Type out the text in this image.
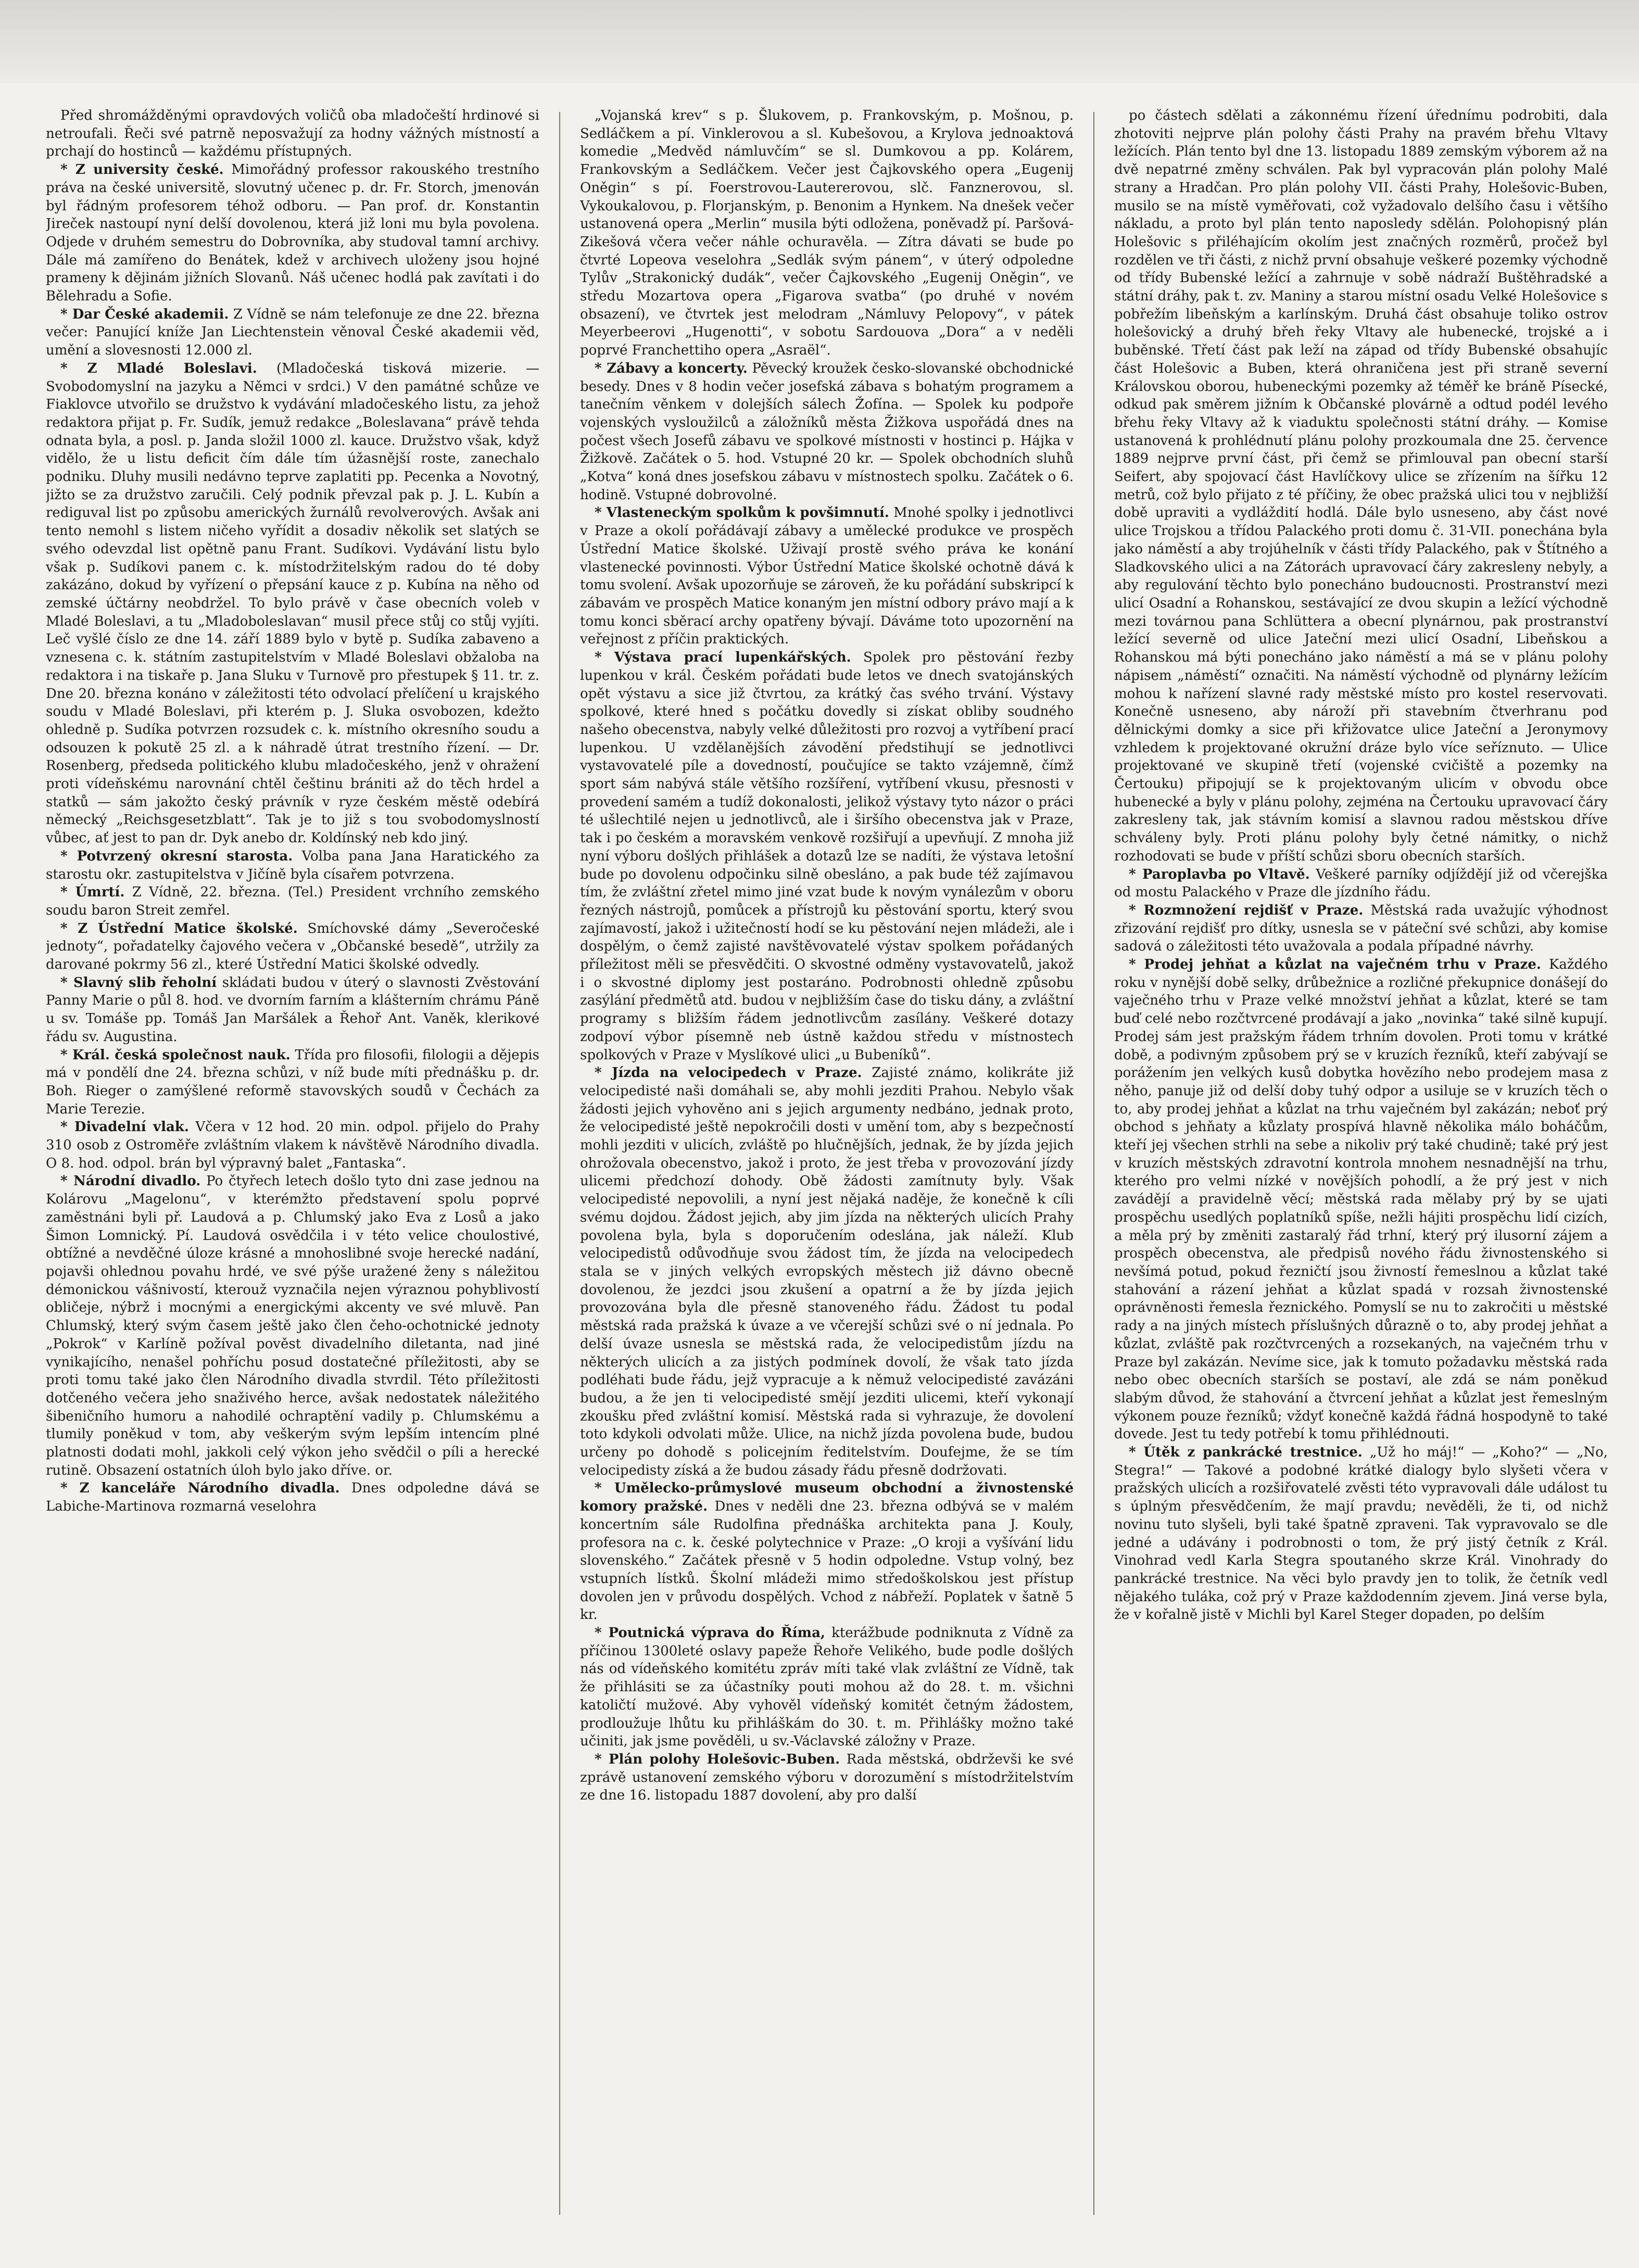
Před shromážděnými opravdových voličů oba mladočeští hrdinové si netroufali. Řeči své patrně neposvažují za hodny vážných místností a prchají do hostinců — každému přístupných.

* Z university české. Mimořádný professor rakouského trestního práva na české universitě, slovutný učenec p. dr. Fr. Storch, jmenován byl řádným profesorem téhož odboru. — Pan prof. dr. Konstantin Jireček nastoupí nyní delší dovolenou, která již loni mu byla povolena. Odjede v druhém semestru do Dobrovníka, aby studoval tamní archivy. Dále má zamířeno do Benátek, kdež v archivech uloženy jsou hojné prameny k dějinám jižních Slovanů. Náš učenec hodlá pak zavítati i do Bělehradu a Sofie.

* Dar České akademii. Z Vídně se nám telefonuje ze dne 22. března večer: Panující kníže Jan Liechtenstein věnoval České akademii věd, umění a slovesnosti 12.000 zl.

* Z Mladé Boleslavi. (Mladočeská tisková mizerie. — Svobodomyslní na jazyku a Němci v srdci.) V den památné schůze ve Fiaklovce utvořilo se družstvo k vydávání mladočeského listu, za jehož redaktora přijat p. Fr. Sudík, jemuž redakce „Boleslavana“ právě tehda odnata byla, a posl. p. Janda složil 1000 zl. kauce. Družstvo však, když vidělo, že u listu deficit čím dále tím úžasnější roste, zanechalo podniku. Dluhy musili nedávno teprve zaplatiti pp. Pecenka a Novotný, jižto se za družstvo zaručili. Celý podnik převzal pak p. J. L. Kubín a rediguval list po způsobu amerických žurnálů revolverových. Avšak ani tento nemohl s listem ničeho vyřídit a dosadiv několik set slatých se svého odevzdal list opětně panu Frant. Sudíkovi. Vydávání listu bylo však p. Sudíkovi panem c. k. místodržitelským radou do té doby zakázáno, dokud by vyřízení o přepsání kauce z p. Kubína na něho od zemské účtárny neobdržel. To bylo právě v čase obecních voleb v Mladé Boleslavi, a tu „Mladoboleslavan“ musil přece stůj co stůj vyjíti. Leč vyšlé číslo ze dne 14. září 1889 bylo v bytě p. Sudíka zabaveno a vznesena c. k. státním zastupitelstvím v Mladé Boleslavi obžaloba na redaktora i na tiskaře p. Jana Sluku v Turnově pro přestupek § 11. tr. z. Dne 20. března konáno v záležitosti této odvolací přelíčení u krajského soudu v Mladé Boleslavi, při kterém p. J. Sluka osvobozen, kdežto ohledně p. Sudíka potvrzen rozsudek c. k. místního okresního soudu a odsouzen k pokutě 25 zl. a k náhradě útrat trestního řízení. — Dr. Rosenberg, předseda politického klubu mladočeského, jenž v ohražení proti vídeňskému narovnání chtěl češtinu brániti až do těch hrdel a statků — sám jakožto český právník v ryze českém městě odebírá německý „Reichsgesetzblatt“. Tak je to již s tou svobodomyslností vůbec, ať jest to pan dr. Dyk anebo dr. Koldínský neb kdo jiný.

* Potvrzený okresní starosta. Volba pana Jana Haratického za starostu okr. zastupitelstva v Jičíně byla císařem potvrzena.

* Úmrtí. Z Vídně, 22. března. (Tel.) President vrchního zemského soudu baron Streit zemřel.

* Z Ústřední Matice školské. Smíchovské dámy „Severočeské jednoty“, pořadatelky čajového večera v „Občanské besedě“, utržily za darované pokrmy 56 zl., které Ústřední Matici školské odvedly.

* Slavný slib řeholní skládati budou v úterý o slavnosti Zvěstování Panny Marie o půl 8. hod. ve dvorním farním a klášterním chrámu Páně u sv. Tomáše pp. Tomáš Jan Maršálek a Řehoř Ant. Vaněk, klerikové řádu sv. Augustina.

* Král. česká společnost nauk. Třída pro filosofii, filologii a dějepis má v pondělí dne 24. března schůzi, v níž bude míti přednášku p. dr. Boh. Rieger o zamýšlené reformě stavovských soudů v Čechách za Marie Terezie.

* Divadelní vlak. Včera v 12 hod. 20 min. odpol. přijelo do Prahy 310 osob z Ostroměře zvláštním vlakem k návštěvě Národního divadla. O 8. hod. odpol. brán byl výpravný balet „Fantaska“.

* Národní divadlo. Po čtyřech letech došlo tyto dni zase jednou na Kolárovu „Magelonu“, v kterémžto představení spolu poprvé zaměstnáni byli př. Laudová a p. Chlumský jako Eva z Losů a jako Šimon Lomnický. Pí. Laudová osvědčila i v této velice choulostivé, obtížné a nevděčné úloze krásné a mnohoslibné svoje herecké nadání, pojavši ohlednou povahu hrdé, ve své pýše uražené ženy s náležitou démonickou vášnivostí, kterouž vyznačila nejen výraznou pohyblivostí obličeje, nýbrž i mocnými a energickými akcenty ve své mluvě. Pan Chlumský, který svým časem ještě jako člen čeho-ochotnické jednoty „Pokrok“ v Karlíně požíval pověst divadelního diletanta, nad jiné vynikajícího, nenašel pohříchu posud dostatečné příležitosti, aby se proti tomu také jako člen Národního divadla stvrdil. Této příležitosti dotčeného večera jeho snaživého herce, avšak nedostatek náležitého šibeničního humoru a nahodilé ochraptění vadily p. Chlumskému a tlumily poněkud v tom, aby veškerým svým lepším intencím plné platnosti dodati mohl, jakkoli celý výkon jeho svědčil o píli a herecké rutině. Obsazení ostatních úloh bylo jako dříve. or.

* Z kanceláře Národního divadla. Dnes odpoledne dává se Labiche-Martinova rozmarná veselohra

„Vojanská krev“ s p. Šlukovem, p. Frankovským, p. Mošnou, p. Sedláčkem a pí. Vinklerovou a sl. Kubešovou, a Krylova jednoaktová komedie „Medvěd námluvčím“ se sl. Dumkovou a pp. Kolárem, Frankovským a Sedláčkem. Večer jest Čajkovského opera „Eugenij Oněgin“ s pí. Foerstrovou-Lautererovou, slč. Fanznerovou, sl. Vykoukalovou, p. Florjanským, p. Benonim a Hynkem. Na dnešek večer ustanovená opera „Merlin“ musila býti odložena, poněvadž pí. Paršová-Zikešová včera večer náhle ochuravěla. — Zítra dávati se bude po čtvrté Lopeova veselohra „Sedlák svým pánem“, v úterý odpoledne Tylův „Strakonický dudák“, večer Čajkovského „Eugenij Oněgin“, ve středu Mozartova opera „Figarova svatba“ (po druhé v novém obsazení), ve čtvrtek jest melodram „Námluvy Pelopovy“, v pátek Meyerbeerovi „Hugenotti“, v sobotu Sardouova „Dora“ a v neděli poprvé Franchettiho opera „Asraël“.

* Zábavy a koncerty. Pěvecký kroužek česko-slovanské obchodnické besedy. Dnes v 8 hodin večer josefská zábava s bohatým programem a tanečním věnkem v dolejších sálech Žofína. — Spolek ku podpoře vojenských vysloužilců a záložníků města Žižkova uspořádá dnes na počest všech Josefů zábavu ve spolkové místnosti v hostinci p. Hájka v Žižkově. Začátek o 5. hod. Vstupné 20 kr. — Spolek obchodních sluhů „Kotva“ koná dnes josefskou zábavu v místnostech spolku. Začátek o 6. hodině. Vstupné dobrovolné.

* Vlasteneckým spolkům k povšimnutí. Mnohé spolky i jednotlivci v Praze a okolí pořádávají zábavy a umělecké produkce ve prospěch Ústřední Matice školské. Uživají prostě svého práva ke konání vlastenecké povinnosti. Výbor Ústřední Matice školské ochotně dává k tomu svolení. Avšak upozorňuje se zároveň, že ku pořádání subskripcí k zábavám ve prospěch Matice konaným jen místní odbory právo mají a k tomu konci sběrací archy opatřeny bývají. Dáváme toto upozornění na veřejnost z příčin praktických.

* Výstava prací lupenkářských. Spolek pro pěstování řezby lupenkou v král. Českém pořádati bude letos ve dnech svatojánských opět výstavu a sice již čtvrtou, za krátký čas svého trvání. Výstavy spolkové, které hned s počátku dovedly si získat obliby soudného našeho obecenstva, nabyly velké důležitosti pro rozvoj a vytříbení prací lupenkou. U vzdělanějších závodění předstihují se jednotlivci vystavovatelé píle a dovedností, poučujíce se takto vzájemně, čímž sport sám nabývá stále většího rozšíření, vytříbení vkusu, přesnosti v provedení samém a tudíž dokonalosti, jelikož výstavy tyto názor o práci té ušlechtilé nejen u jednotlivců, ale i širšího obecenstva jak v Praze, tak i po českém a moravském venkově rozšiřují a upevňují. Z mnoha již nyní výboru došlých přihlášek a dotazů lze se nadíti, že výstava letošní bude po dovolenu odpočinku silně obesláno, a pak bude též zajímavou tím, že zvláštní zřetel mimo jiné vzat bude k novým vynálezům v oboru řezných nástrojů, pomůcek a přístrojů ku pěstování sportu, který svou zajímavostí, jakož i užitečností hodí se ku pěstování nejen mládeži, ale i dospělým, o čemž zajisté navštěvovatelé výstav spolkem pořádaných příležitost měli se přesvědčiti. O skvostné odměny vystavovatelů, jakož i o skvostné diplomy jest postaráno. Podrobnosti ohledně způsobu zasýlání předmětů atd. budou v nejbližším čase do tisku dány, a zvláštní programy s bližším řádem jednotlivcům zasílány. Veškeré dotazy zodpoví výbor písemně neb ústně každou středu v místnostech spolkových v Praze v Myslíkové ulici „u Bubeníků“.

* Jízda na velocipedech v Praze. Zajisté známo, kolikráte již velocipedisté naši domáhali se, aby mohli jezditi Prahou. Nebylo však žádosti jejich vyhověno ani s jejich argumenty nedbáno, jednak proto, že velocipedisté ještě nepokročili dosti v umění tom, aby s bezpečností mohli jezditi v ulicích, zvláště po hlučnějších, jednak, že by jízda jejich ohrožovala obecenstvo, jakož i proto, že jest třeba v provozování jízdy ulicemi předchozí dohody. Obě žádosti zamítnuty byly. Však velocipedisté nepovolili, a nyní jest nějaká naděje, že konečně k cíli svému dojdou. Žádost jejich, aby jim jízda na některých ulicích Prahy povolena byla, byla s doporučením odeslána, jak náleží. Klub velocipedistů odůvodňuje svou žádost tím, že jízda na velocipedech stala se v jiných velkých evropských městech již dávno obecně dovolenou, že jezdci jsou zkušení a opatrní a že by jízda jejich provozována byla dle přesně stanoveného řádu. Žádost tu podal městská rada pražská k úvaze a ve včerejší schůzi své o ní jednala. Po delší úvaze usnesla se městská rada, že velocipedistům jízdu na některých ulicích a za jistých podmínek dovolí, že však tato jízda podléhati bude řádu, jejž vypracuje a k němuž velocipedisté zavázáni budou, a že jen ti velocipedisté smějí jezditi ulicemi, kteří vykonají zkoušku před zvláštní komisí. Městská rada si vyhrazuje, že dovolení toto kdykoli odvolati může. Ulice, na nichž jízda povolena bude, budou určeny po dohodě s policejním ředitelstvím. Doufejme, že se tím velocipedisty získá a že budou zásady řádu přesně dodržovati.

* Umělecko-průmyslové museum obchodní a živnostenské komory pražské. Dnes v neděli dne 23. března odbývá se v malém koncertním sále Rudolfina přednáška architekta pana J. Kouly, profesora na c. k. české polytechnice v Praze: „O kroji a vyšívání lidu slovenského.“ Začátek přesně v 5 hodin odpoledne. Vstup volný, bez vstupních lístků. Školní mládeži mimo středoškolskou jest přístup dovolen jen v průvodu dospělých. Vchod z nábřeží. Poplatek v šatně 5 kr.

* Poutnická výprava do Říma, kterážbude podniknuta z Vídně za příčinou 1300leté oslavy papeže Řehoře Velikého, bude podle došlých nás od vídeňského komitétu zpráv míti také vlak zvláštní ze Vídně, tak že přihlásiti se za účastníky pouti mohou až do 28. t. m. všichni katoličtí mužové. Aby vyhověl vídeňský komitét četným žádostem, prodloužuje lhůtu ku přihláškám do 30. t. m. Přihlášky možno také učiniti, jak jsme pověděli, u sv.-Václavské záložny v Praze.

* Plán polohy Holešovic-Buben. Rada městská, obdrževši ke své zprávě ustanovení zemského výboru v dorozumění s místodržitelstvím ze dne 16. listopadu 1887 dovolení, aby pro další

po částech sdělati a zákonnému řízení úřednímu podrobiti, dala zhotoviti nejprve plán polohy části Prahy na pravém břehu Vltavy ležících. Plán tento byl dne 13. listopadu 1889 zemským výborem až na dvě nepatrné změny schválen. Pak byl vypracován plán polohy Malé strany a Hradčan. Pro plán polohy VII. části Prahy, Holešovic-Buben, musilo se na místě vyměřovati, což vyžadovalo delšího času i většího nákladu, a proto byl plán tento naposledy sdělán. Polohopisný plán Holešovic s přiléhajícím okolím jest značných rozměrů, pročež byl rozdělen ve tři části, z nichž první obsahuje veškeré pozemky východně od třídy Bubenské ležící a zahrnuje v sobě nádraží Buštěhradské a státní dráhy, pak t. zv. Maniny a starou místní osadu Velké Holešovice s pobřežím libeňským a karlínským. Druhá část obsahuje toliko ostrov holešovický a druhý břeh řeky Vltavy ale hubenecké, trojské a i buběnské. Třetí část pak leží na západ od třídy Bubenské obsahujíc část Holešovic a Buben, která ohraničena jest při straně severní Královskou oborou, hubeneckými pozemky až téměř ke bráně Písecké, odkud pak směrem jižním k Občanské plovárně a odtud podél levého břehu řeky Vltavy až k viaduktu společnosti státní dráhy. — Komise ustanovená k prohlédnutí plánu polohy prozkoumala dne 25. července 1889 nejprve první část, při čemž se přimlouval pan obecní starší Seifert, aby spojovací část Havlíčkovy ulice se zřízením na šířku 12 metrů, což bylo přijato z té příčiny, že obec pražská ulici tou v nejbližší době upraviti a vydláždití hodlá. Dále bylo usneseno, aby část nové ulice Trojskou a třídou Palackého proti domu č. 31-VII. ponechána byla jako náměstí a aby trojúhelník v části třídy Palackého, pak v Štítného a Sladkovského ulici a na Zátorách upravovací čáry zakresleny nebyly, a aby regulování těchto bylo ponecháno budoucnosti. Prostranství mezi ulicí Osadní a Rohanskou, sestávající ze dvou skupin a ležící východně mezi továrnou pana Schlüttera a obecní plynárnou, pak prostranství ležící severně od ulice Jateční mezi ulicí Osadní, Libeňskou a Rohanskou má býti ponecháno jako náměstí a má se v plánu polohy nápisem „náměstí“ označiti. Na náměstí východně od plynárny ležícím mohou k nařízení slavné rady městské místo pro kostel reservovati. Konečně usneseno, aby nároží při stavebním čtverhranu pod dělnickými domky a sice při křižovatce ulice Jateční a Jeronymovy vzhledem k projektované okružní dráze bylo více seříznuto. — Ulice projektované ve skupině třetí (vojenské cvičiště a pozemky na Čertouku) připojují se k projektovaným ulicím v obvodu obce hubenecké a byly v plánu polohy, zejména na Čertouku upravovací čáry zakresleny tak, jak stávním komisí a slavnou radou městskou dříve schváleny byly. Proti plánu polohy byly četné námitky, o nichž rozhodovati se bude v příští schůzi sboru obecních starších.

* Paroplavba po Vltavě. Veškeré parníky odjíždějí již od včerejška od mostu Palackého v Praze dle jízdního řádu.

* Rozmnožení rejdišť v Praze. Městská rada uvažujíc výhodnost zřizování rejdišť pro dítky, usnesla se v páteční své schůzi, aby komise sadová o záležitosti této uvažovala a podala případné návrhy.

* Prodej jehňat a kůzlat na vaječném trhu v Praze. Každého roku v nynější době selky, drůbežnice a rozličné překupnice donášejí do vaječného trhu v Praze velké množství jehňat a kůzlat, které se tam buď celé nebo rozčtvrcené prodávají a jako „novinka“ také silně kupují. Prodej sám jest pražským řádem trhním dovolen. Proti tomu v krátké době, a podivným způsobem prý se v kruzích řezníků, kteří zabývají se porážením jen velkých kusů dobytka hovězího nebo prodejem masa z něho, panuje již od delší doby tuhý odpor a usiluje se v kruzích těch o to, aby prodej jehňat a kůzlat na trhu vaječném byl zakázán; neboť prý obchod s jehňaty a kůzlaty prospívá hlavně několika málo boháčům, kteří jej všechen strhli na sebe a nikoliv prý také chudině; také prý jest v kruzích městských zdravotní kontrola mnohem nesnadnější na trhu, kterého pro velmi nízké v novějších pohodlí, a že prý jest v nich zavádějí a pravidelně věcí; městská rada mělaby prý by se ujati prospěchu usedlých poplatníků spíše, nežli hájiti prospěchu lidí cizích, a měla prý by změniti zastaralý řád trhní, který prý ilusorní zájem a prospěch obecenstva, ale předpisů nového řádu živnostenského si nevšímá potud, pokud řezničtí jsou živností řemeslnou a kůzlat také stahování a rázení jehňat a kůzlat spadá v rozsah živnostenské oprávněnosti řemesla řeznického. Pomyslí se nu to zakročiti u městské rady a na jiných místech příslušných důrazně o to, aby prodej jehňat a kůzlat, zvláště pak rozčtvrcených a rozsekaných, na vaječném trhu v Praze byl zakázán. Nevíme sice, jak k tomuto požadavku městská rada nebo obec obecních starších se postaví, ale zdá se nám poněkud slabým důvod, že stahování a čtvrcení jehňat a kůzlat jest řemeslným výkonem pouze řezníků; vždyť konečně každá řádná hospodyně to také dovede. Jest tu tedy potřebí k tomu přihlédnouti.

* Útěk z pankrácké trestnice. „Už ho máj!“ — „Koho?“ — „No, Stegra!“ — Takové a podobné krátké dialogy bylo slyšeti včera v pražských ulicích a rozšiřovatelé zvěsti této vypravovali dále událost tu s úplným přesvědčením, že mají pravdu; nevěděli, že ti, od nichž novinu tuto slyšeli, byli také špatně zpraveni. Tak vypravovalo se dle jedné a udávány i podrobnosti o tom, že prý jistý četník z Král. Vinohrad vedl Karla Stegra spoutaného skrze Král. Vinohrady do pankrácké trestnice. Na věci bylo pravdy jen to tolik, že četník vedl nějakého tuláka, což prý v Praze každodenním zjevem. Jiná verse byla, že v kořalně jistě v Michli byl Karel Steger dopaden, po delším
